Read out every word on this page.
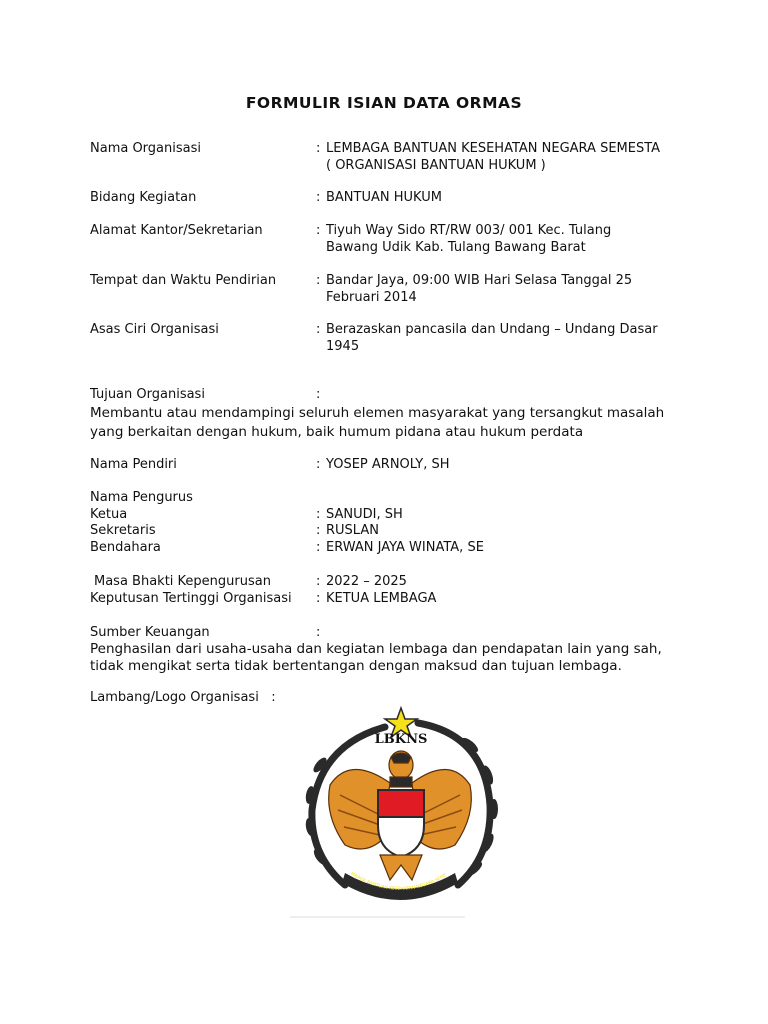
FORMULIR ISIAN DATA ORMAS
Nama Organisasi	: LEMBAGA BANTUAN KESEHATAN NEGARA SEMESTA
( ORGANISASI BANTUAN HUKUM )
Bidang Kegiatan	: BANTUAN HUKUM
Alamat Kantor/Sekretarian	: Tiyuh Way Sido RT/RW 003/ 001 Kec. Tulang
Bawang Udik Kab. Tulang Bawang Barat
Tempat dan Waktu Pendirian	: Bandar Jaya, 09:00 WIB Hari Selasa Tanggal 25
Februari 2014
Asas Ciri Organisasi	: Berazaskan pancasila dan Undang – Undang Dasar
1945
Tujuan Organisasi	:
Membantu atau mendampingi seluruh elemen masyarakat yang tersangkut masalah
yang berkaitan dengan hukum, baik humum pidana atau hukum perdata
Nama Pendiri	: YOSEP ARNOLY, SH
Nama Pengurus
Ketua	: SANUDI, SH
Sekretaris	: RUSLAN
Bendahara	: ERWAN JAYA WINATA, SE
Masa Bhakti Kepengurusan	: 2022 – 2025
Keputusan Tertinggi Organisasi : KETUA LEMBAGA
Sumber Keuangan	:
Penghasilan dari usaha-usaha dan kegiatan lembaga dan pendapatan lain yang sah,
tidak mengikat serta tidak bertentangan dengan maksud dan tujuan lembaga.
Lambang/Logo Organisasi   :
LBKNS
MBAGA BANTUAN KESEHATAN NEGARA SEME
